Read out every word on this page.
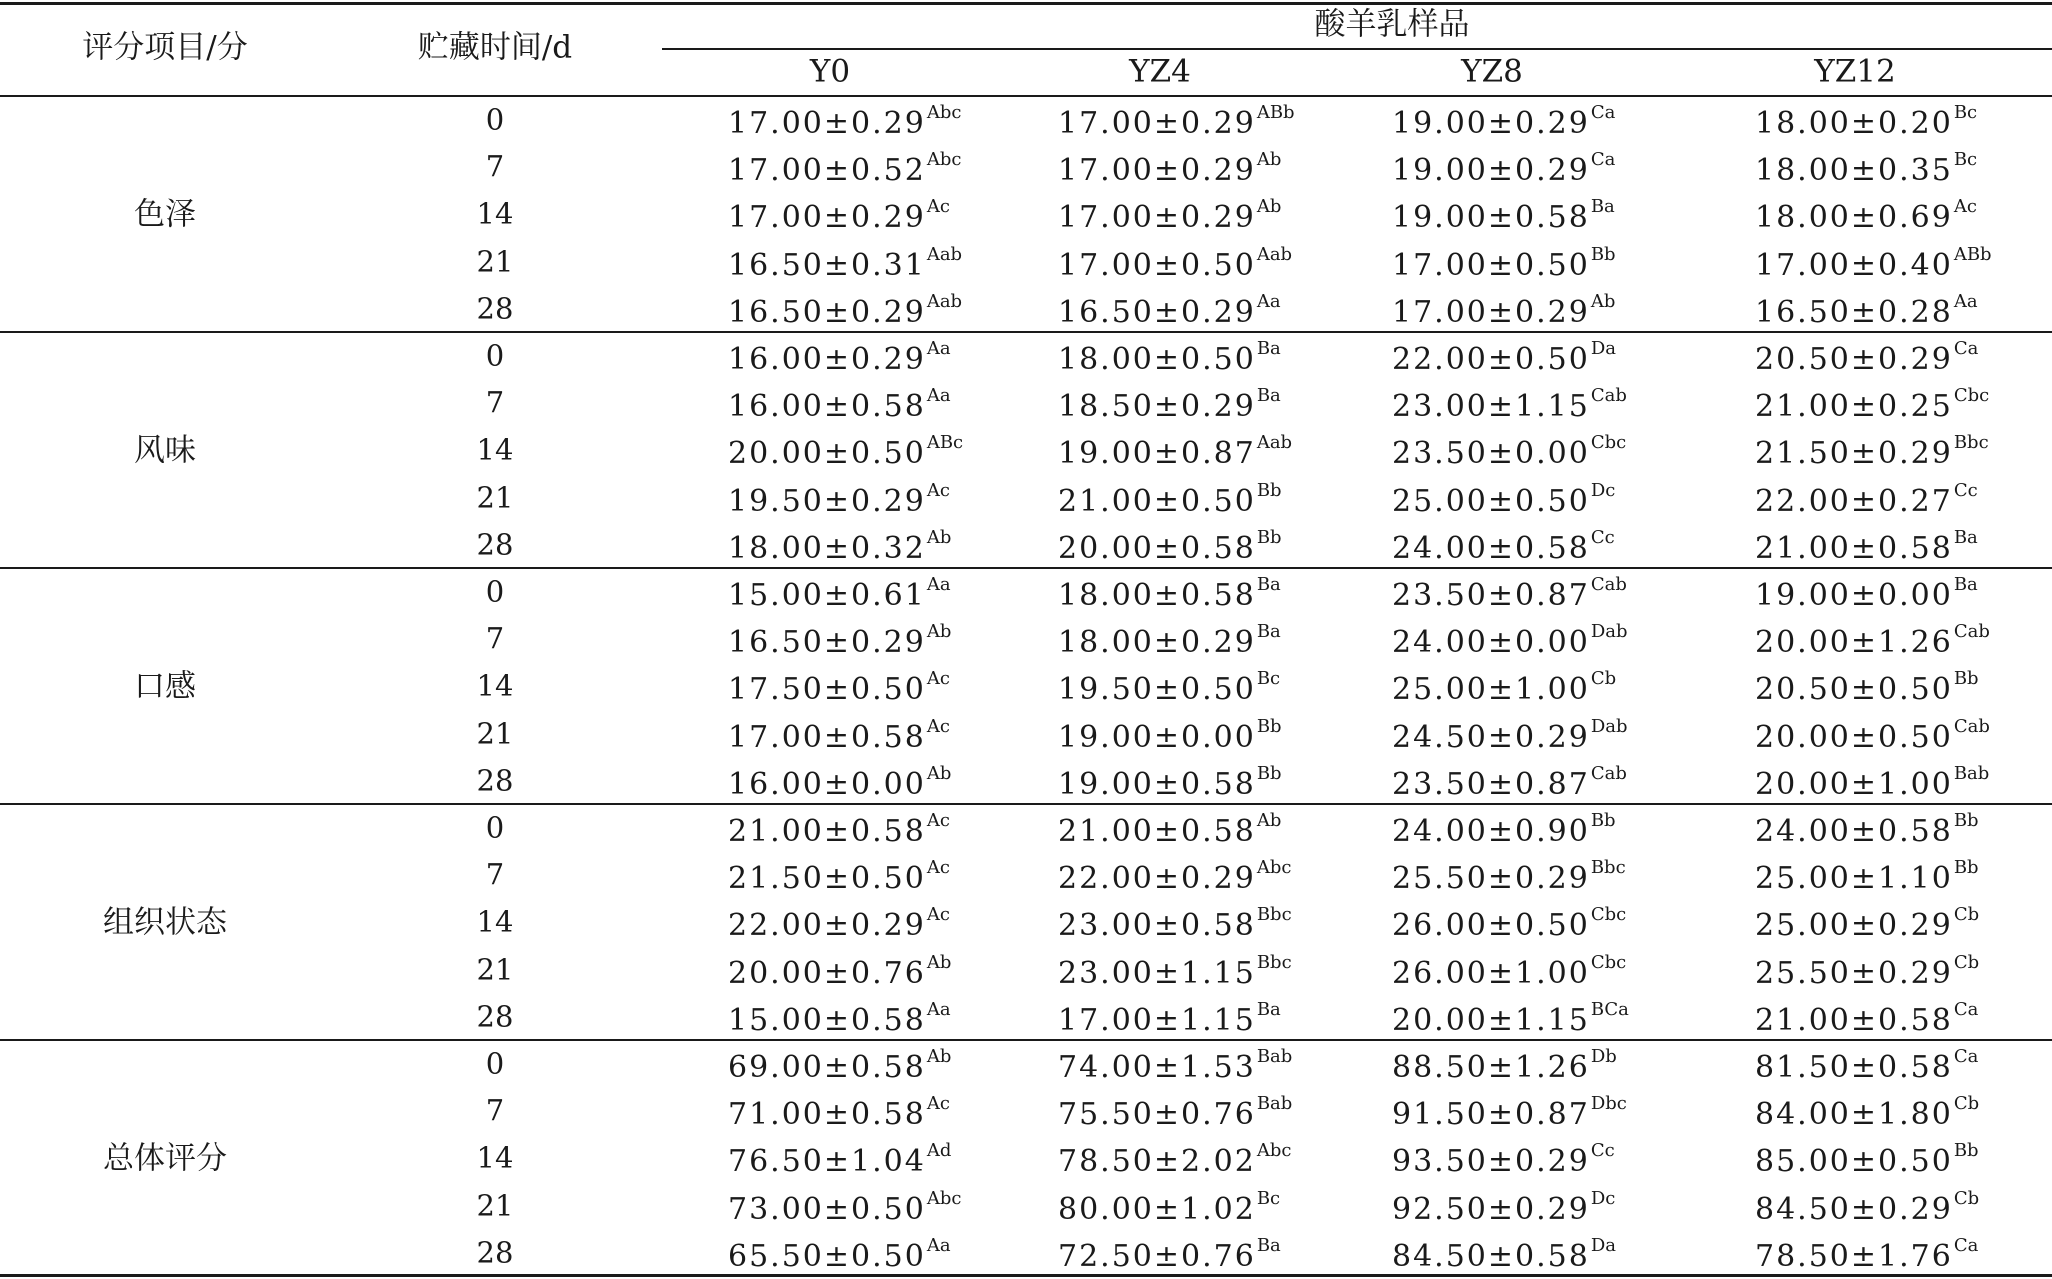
评分项目/分	贮藏时间/d
酸羊乳样品
Y0	YZ4	YZ8	YZ12
色泽
0	$17.00\pm 0.29^{Abc}$	$17.00\pm 0.29^{ABb}$	$19.00\pm 0.29^{Ca}$	$18.00\pm 0.20^{Bc}$
7	$17.00\pm 0.52^{Abc}$	$17.00\pm 0.29^{Ab}$	$19.00\pm 0.29^{Ca}$	$18.00\pm 0.35^{Bc}$
14	$17.00\pm 0.29^{Ac}$	$17.00\pm 0.29^{Ab}$	$19.00\pm 0.58^{Ba}$	$18.00\pm 0.69^{Ac}$
21	$16.50\pm 0.31^{Aab}$	$17.00\pm 0.50^{Aab}$	$17.00\pm 0.50^{Bb}$	$17.00\pm 0.40^{ABb}$
28	$16.50\pm 0.29^{Aab}$	$16.50\pm 0.29^{Aa}$	$17.00\pm 0.29^{Ab}$	$16.50\pm 0.28^{Aa}$
风味
0	$16.00\pm 0.29^{Aa}$	$18.00\pm 0.50^{Ba}$	$22.00\pm 0.50^{Da}$	$20.50\pm 0.29^{Ca}$
7	$16.00\pm 0.58^{Aa}$	$18.50\pm 0.29^{Ba}$	$23.00\pm 1.15^{Cab}$	$21.00\pm 0.25^{Cbc}$
14	$20.00\pm 0.50^{ABc}$	$19.00\pm 0.87^{Aab}$	$23.50\pm 0.00^{Cbc}$	$21.50\pm 0.29^{Bbc}$
21	$19.50\pm 0.29^{Ac}$	$21.00\pm 0.50^{Bb}$	$25.00\pm 0.50^{Dc}$	$22.00\pm 0.27^{Cc}$
28	$18.00\pm 0.32^{Ab}$	$20.00\pm 0.58^{Bb}$	$24.00\pm 0.58^{Cc}$	$21.00\pm 0.58^{Ba}$
口感
0	$15.00\pm 0.61^{Aa}$	$18.00\pm 0.58^{Ba}$	$23.50\pm 0.87^{Cab}$	$19.00\pm 0.00^{Ba}$
7	$16.50\pm 0.29^{Ab}$	$18.00\pm 0.29^{Ba}$	$24.00\pm 0.00^{Dab}$	$20.00\pm 1.26^{Cab}$
14	$17.50\pm 0.50^{Ac}$	$19.50\pm 0.50^{Bc}$	$25.00\pm 1.00^{Cb}$	$20.50\pm 0.50^{Bb}$
21	$17.00\pm 0.58^{Ac}$	$19.00\pm 0.00^{Bb}$	$24.50\pm 0.29^{Dab}$	$20.00\pm 0.50^{Cab}$
28	$16.00\pm 0.00^{Ab}$	$19.00\pm 0.58^{Bb}$	$23.50\pm 0.87^{Cab}$	$20.00\pm 1.00^{Bab}$
组织状态
0	$21.00\pm 0.58^{Ac}$	$21.00\pm 0.58^{Ab}$	$24.00\pm 0.90^{Bb}$	$24.00\pm 0.58^{Bb}$
7	$21.50\pm 0.50^{Ac}$	$22.00\pm 0.29^{Abc}$	$25.50\pm 0.29^{Bbc}$	$25.00\pm 1.10^{Bb}$
14	$22.00\pm 0.29^{Ac}$	$23.00\pm 0.58^{Bbc}$	$26.00\pm 0.50^{Cbc}$	$25.00\pm 0.29^{Cb}$
21	$20.00\pm 0.76^{Ab}$	$23.00\pm 1.15^{Bbc}$	$26.00\pm 1.00^{Cbc}$	$25.50\pm 0.29^{Cb}$
28	$15.00\pm 0.58^{Aa}$	$17.00\pm 1.15^{Ba}$	$20.00\pm 1.15^{BCa}$	$21.00\pm 0.58^{Ca}$
总体评分
0	$69.00\pm 0.58^{Ab}$	$74.00\pm 1.53^{Bab}$	$88.50\pm 1.26^{Db}$	$81.50\pm 0.58^{Ca}$
7	$71.00\pm 0.58^{Ac}$	$75.50\pm 0.76^{Bab}$	$91.50\pm 0.87^{Dbc}$	$84.00\pm 1.80^{Cb}$
14	$76.50\pm 1.04^{Ad}$	$78.50\pm 2.02^{Abc}$	$93.50\pm 0.29^{Cc}$	$85.00\pm 0.50^{Bb}$
21	$73.00\pm 0.50^{Abc}$	$80.00\pm 1.02^{Bc}$	$92.50\pm 0.29^{Dc}$	$84.50\pm 0.29^{Cb}$
28	$65.50\pm 0.50^{Aa}$	$72.50\pm 0.76^{Ba}$	$84.50\pm 0.58^{Da}$	$78.50\pm 1.76^{Ca}$
